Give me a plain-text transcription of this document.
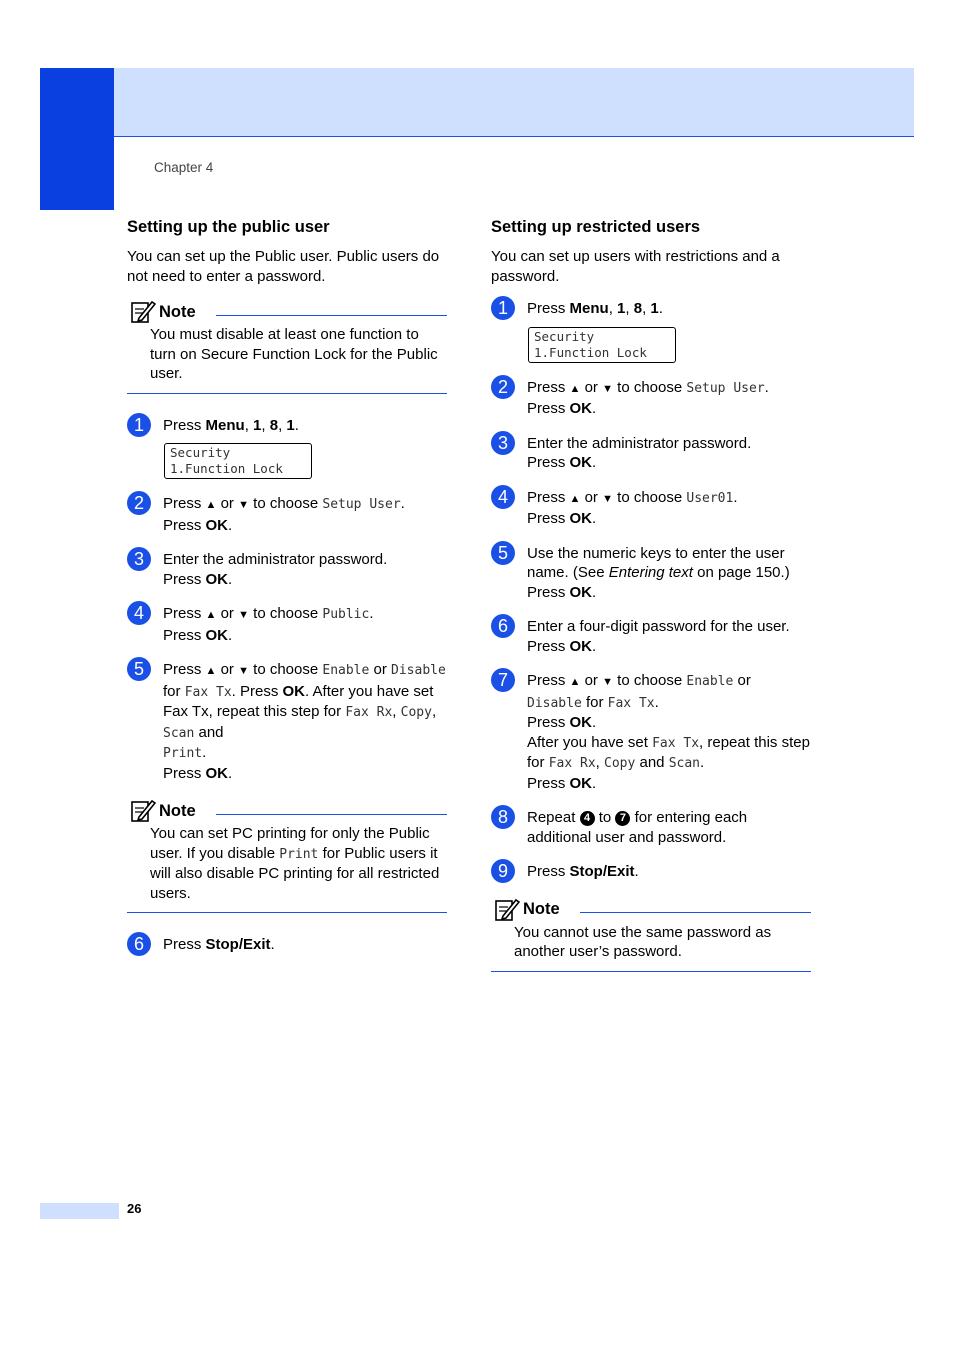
Chapter 4
Setting up the public user

You can set up the Public user. Public users do not need to enter a password.

Note
You must disable at least one function to turn on Secure Function Lock for the Public user.
1	Press Menu, 1, 8, 1.
Security
1.Function Lock
2	Press ▲ or ▼ to choose Setup User.
Press OK.
3	Enter the administrator password.
Press OK.
4	Press ▲ or ▼ to choose Public.
Press OK.
5	Press ▲ or ▼ to choose Enable or Disable for Fax Tx. Press OK. After you have set Fax Tx, repeat this step for Fax Rx, Copy, Scan and
Print.
Press OK.
Note
You can set PC printing for only the Public user. If you disable Print for Public users it will also disable PC printing for all restricted users.
6	Press Stop/Exit.
Setting up restricted users

You can set up users with restrictions and a password.

1	Press Menu, 1, 8, 1.
Security
1.Function Lock
2	Press ▲ or ▼ to choose Setup User.
Press OK.
3	Enter the administrator password.
Press OK.
4	Press ▲ or ▼ to choose User01.
Press OK.
5	Use the numeric keys to enter the user name. (See Entering text on page 150.)
Press OK.
6	Enter a four-digit password for the user.
Press OK.
7	Press ▲ or ▼ to choose Enable or
Disable for Fax Tx.
Press OK.
After you have set Fax Tx, repeat this step for Fax Rx, Copy and Scan.
Press OK.
8	Repeat 4 to 7 for entering each additional user and password.
9	Press Stop/Exit.
Note
You cannot use the same password as another user’s password.
26
